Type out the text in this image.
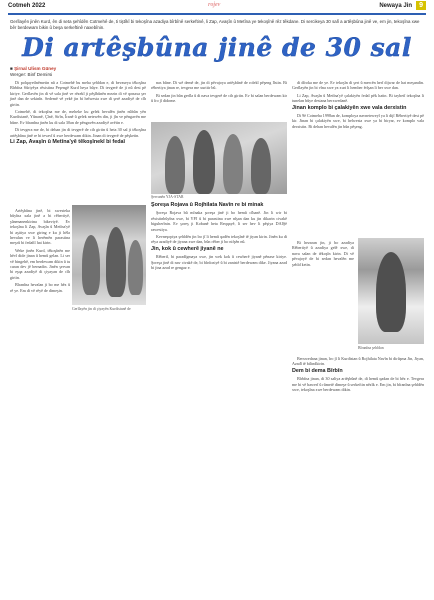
Cotmeh 2022	rojev	Newaya Jin	9
Gerîlayên jinên Kurd, ên di seta şehîdên Cotmehê de, ti tiştîkî bi tekoşîna azadiya bîrbînê serkeftinê, li Zap, Avaşîn û Metîna ye tekoşînê rêz têkdane. Di sercikeya 30 salî a artêşbûna jinê ve, em jin, tekoşîna xwe bêr berdewam bikin û beşa serkeftinê naxebînin.
Di artêşbûna jinê de 30 sal
■ Şirnal Ulism Güney
Werger: Binf Demirsi

Di polqayetînêmetin nû a Cotmehê bu meha şehîdan e, di bevaseya têkoşîna Bîrbîna Sûriyêya rêxistina Peşengê Kurd heya bûye. Di tevgerê de ji nû dest pê kiriye. Gerîlavên jin di vê sala jinê ve rêzekî ji pêşîbûnên mezin di vê qonaxa şer jinê dan de sekinîn. Sedemê vê yekê jin bi helwesta xwe di şerê azadiyê de cîh girtin.

Cotmehê, di tekoşîna me de, meheke ku gelek hevalên jinên nûbûn yên Kurdistanê, Yûnanê, Çînê, Sirîn, Îranê û gelek netewên din, ji jîn ve pêngavên me bûne. Ev bîranîna jinên ku di sala 30an de pêngavên azadiyê avêtin e.

Di tevgera me de, bi dehan jin di tevgerê de cih girtin û heta 30 sal ji têkoşîna artêşbûna jinê re bi tevavî û xwe berdewam dikin. Jinan di tevgerê de pêşketin.

Li Zap, Avaşîn û Metîna'yê têkoşînekî bi fedaî

Artêşbûna jinê, bi xwesteka bûyîna xala jinê a bi rêbertiyê, şûnenanenkirina bikeviyê. Ev tekoşîna li Zap, Avaşîn û Metîna'yê bi aşitiya xwe giring e ku ji hêla hevalan ve li herêmên parastina meşrû bi fedaîtî hat kirin.

Weke jinên Kurd, têkoşînên me hêvî dide jinan û hemû gelan. Li ser vê bingehê, em berdewam dikin û tu caran dev jê bernadin. Jinên şervan bi eşqa azadiyê di çiyayan de cîh girtin.

Bîranîna hevalan ji bo me hêz û rê ye. Em di vê rêyê de dimeşin.

Gerîlayên jin di çiyayên Kurdistanê de

nas bûne. Di wê demê de, jin di pêvajoya artêşbûnê de rolekî pêşeng lîstin. Bi rêbertiya jinan re, tevgera me xurttir bû.

Bi sedan jin bûn gerîla û di nava tevgerê de cih girtin. Ev bi salan berdewam kir û îro jî didome.

Şervanên YJA-STAR

Şoreşa Rojava û Rojhilata Navîn re bi minak

Şoreşa Rojava bû mînaka şoreşa jinê ji bo hemû cîhanê. Jin li wir bi rêxistinbûyîna xwe, bi YPJ û bi parastina xwe nîşan dan ku jin dikarin civakê biguherînin. Ev şoreş ji Kobanê heta Reqqayê, li ser hev li pêşiya DAIŞê rawestiya.

Kevneşopiya şehîdên jin îro jî li hemû qadên tekoşînê tê jiyan kirin. Jinên ku di rêya azadiyê de jiyana xwe dan, bûn rêber ji bo nifşên nû.

Jin, kok û cewherê jiyanê ne

Rêbertî, bi paradîgmaya xwe, jin wek kok û cewherê jiyanê pênase kiriye. Şoreşa jinê di nav civakê de, bi bîrdoziyê û bi zanistê berdewam dike. Jiyana azad bi jina azad re gengaz e.

di dîroka me de ye. Ev tekoşîn di şert û mercên herî dijwar de hat meşandin. Gerîlayên jin bi vîna xwe ya xurt li hember êrîşan li ber xwe dan.

Li Zap, Avaşîn û Metîna'yê çalakiyên fedaî pêk hatin. Bi taybetî tekoşîna li tunelan bûye destana berxwedanê.

Jinan komplo bi çalakiyên xwe vala derxistin

Di 9ê Cotmeha 1998an de, komploya navneteweyî ya li dijî Rêbertiyê dest pê kir. Jinan bi çalakiyên xwe, bi helwesta xwe ya bi biryar, ev komplo vala derxistin. Bi dehan hevalên jin bûn pêşeng.

Bi hezaran jin, ji bo azadiya Rêbertiyê û azadiya gelê xwe, di nava salan de têkoşîn kirin. Di vê pêvajoyê de bi sedan hevalên me şehîd ketin.

Bîranîna şehîdan

Berxwedana jinan, îro jî li Kurdistan û Rojhilata Navîn bi dirûşma Jin, Jiyan, Azadî tê bilindkirin.

Dem bi dema Bîrbîn

Bîrbîna jinan, di 30 saliya artêşbûnê de, di hemû qadan de bi hêz e. Tevgera me bi vê bawerî û rûmetê dimeşe û serkeftin nêzîk e. Em jin, bi bîranîna şehîdên xwe, tekoşîna xwe berdewam dikin.
